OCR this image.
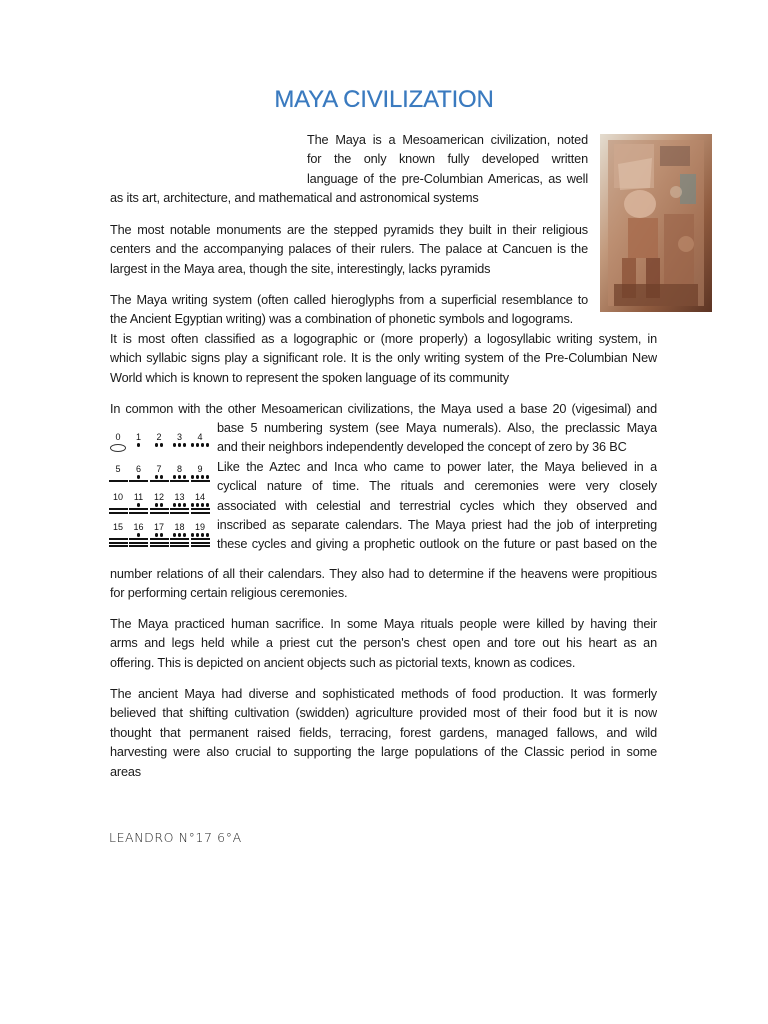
MAYA CIVILIZATION
The Maya is a Mesoamerican civilization, noted
for the only known fully developed written
language of the pre-Columbian Americas, as well
as its art, architecture, and mathematical and astronomical systems
The most notable monuments are the stepped pyramids they built in their religious
centers and the accompanying palaces of their rulers. The palace at Cancuen is the
largest in the Maya area, though the site, interestingly, lacks pyramids
The Maya writing system (often called hieroglyphs from a superficial resemblance to
the Ancient Egyptian writing) was a combination of phonetic symbols and logograms.
It is most often classified as a logographic or (more properly) a logosyllabic writing system, in
which syllabic signs play a significant role. It is the only writing system of the Pre-Columbian New
World which is known to represent the spoken language of its community
In common with the other Mesoamerican civilizations, the Maya used a base 20 (vigesimal) and
base 5 numbering system (see Maya numerals). Also, the preclassic Maya
and their neighbors independently developed the concept of zero by 36 BC
Like the Aztec and Inca who came to power later, the Maya believed in a
cyclical nature of time. The rituals and ceremonies were very closely
associated with celestial and terrestrial cycles which they observed and
inscribed as separate calendars. The Maya priest had the job of interpreting
these cycles and giving a prophetic outlook on the future or past based on the
number relations of all their calendars. They also had to determine if the heavens were propitious
for performing certain religious ceremonies.
0	1	2	3	4
5	6	7	8	9
10	11	12	13	14
15	16	17	18	19
The Maya practiced human sacrifice. In some Maya rituals people were killed by having their
arms and legs held while a priest cut the person's chest open and tore out his heart as an
offering. This is depicted on ancient objects such as pictorial texts, known as codices.
The ancient Maya had diverse and sophisticated methods of food production. It was formerly
believed that shifting cultivation (swidden) agriculture provided most of their food but it is now
thought that permanent raised fields, terracing, forest gardens, managed fallows, and wild
harvesting were also crucial to supporting the large populations of the Classic period in some
areas
LEANDRO N°17 6°A
